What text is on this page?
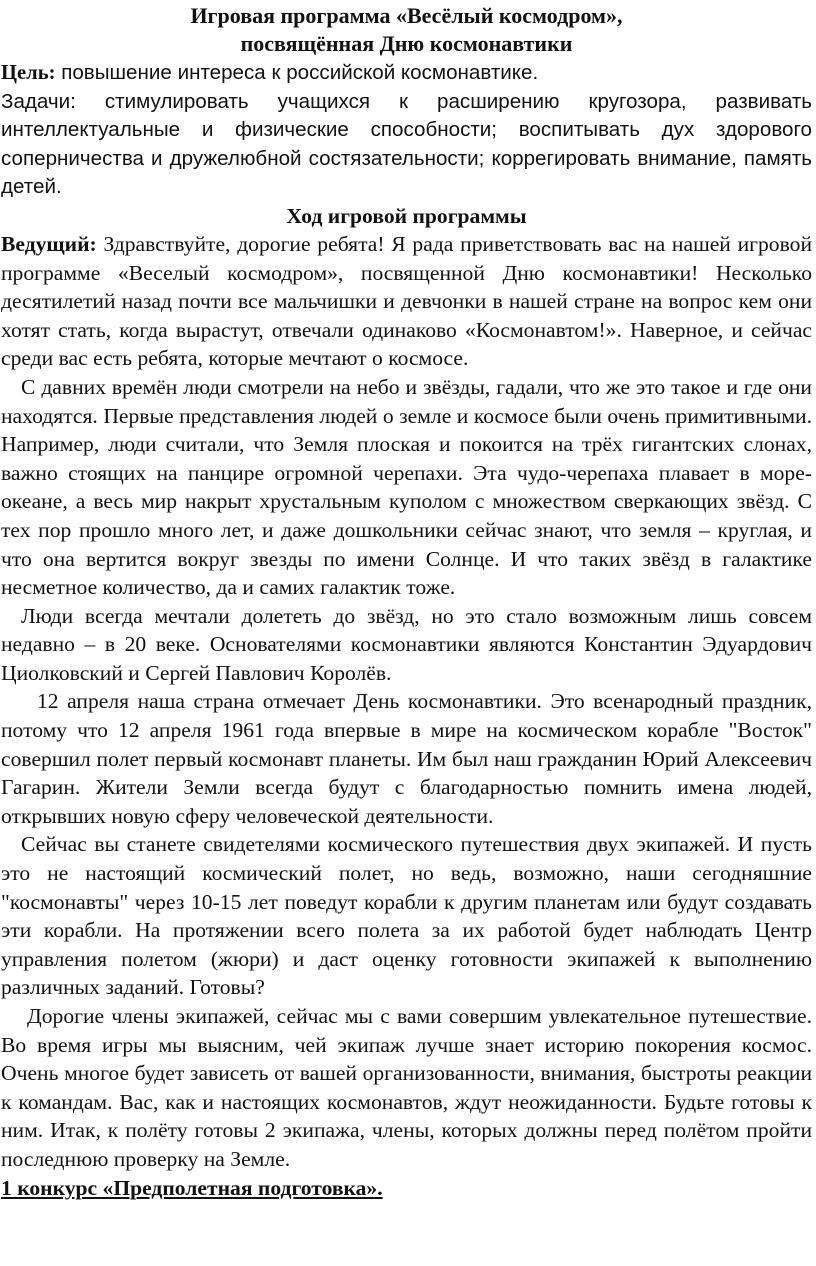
Игровая программа «Весёлый космодром»,

посвящённая Дню космонавтики

Цель: повышение интереса к российской космонавтике.

Задачи: стимулировать учащихся к расширению кругозора, развивать интеллектуальные и физические способности; воспитывать дух здорового соперничества и дружелюбной состязательности; коррегировать внимание, память детей.

Ход игровой программы

Ведущий: Здравствуйте, дорогие ребята! Я рада приветствовать вас на нашей игровой программе «Веселый космодром», посвященной Дню космонавтики! Несколько десятилетий назад почти все мальчишки и девчонки в нашей стране на вопрос кем они хотят стать, когда вырастут, отвечали одинаково «Космонавтом!». Наверное, и сейчас среди вас есть ребята, которые мечтают о космосе.

С давних времён люди смотрели на небо и звёзды, гадали, что же это такое и где они находятся. Первые представления людей о земле и космосе были очень примитивными. Например, люди считали, что Земля плоская и покоится на трёх гигантских слонах, важно стоящих на панцире огромной черепахи. Эта чудо-черепаха плавает в море-океане, а весь мир накрыт хрустальным куполом с множеством сверкающих звёзд. С тех пор прошло много лет, и даже дошкольники сейчас знают, что земля – круглая, и что она вертится вокруг звезды по имени Солнце. И что таких звёзд в галактике несметное количество, да и самих галактик тоже.

Люди всегда мечтали долететь до звёзд, но это стало возможным лишь совсем недавно – в 20 веке. Основателями космонавтики являются Константин Эдуардович Циолковский и Сергей Павлович Королёв.

12 апреля наша страна отмечает День космонавтики. Это всенародный праздник, потому что 12 апреля 1961 года впервые в мире на космическом корабле "Восток" совершил полет первый космонавт планеты. Им был наш гражданин Юрий Алексеевич Гагарин. Жители Земли всегда будут с благодарностью помнить имена людей, открывших новую сферу человеческой деятельности.

Сейчас вы станете свидетелями космического путешествия двух экипажей. И пусть это не настоящий космический полет, но ведь, возможно, наши сегодняшние "космонавты" через 10-15 лет поведут корабли к другим планетам или будут создавать эти корабли. На протяжении всего полета за их работой будет наблюдать Центр управления полетом (жюри) и даст оценку готовности экипажей к выполнению различных заданий. Готовы?

Дорогие члены экипажей, сейчас мы с вами совершим увлекательное путешествие. Во время игры мы выясним, чей экипаж лучше знает историю покорения космос. Очень многое будет зависеть от вашей организованности, внимания, быстроты реакции к командам. Вас, как и настоящих космонавтов, ждут неожиданности. Будьте готовы к ним. Итак, к полёту готовы 2 экипажа, члены, которых должны перед полётом пройти последнюю проверку на Земле.

1 конкурс «Предполетная подготовка».
